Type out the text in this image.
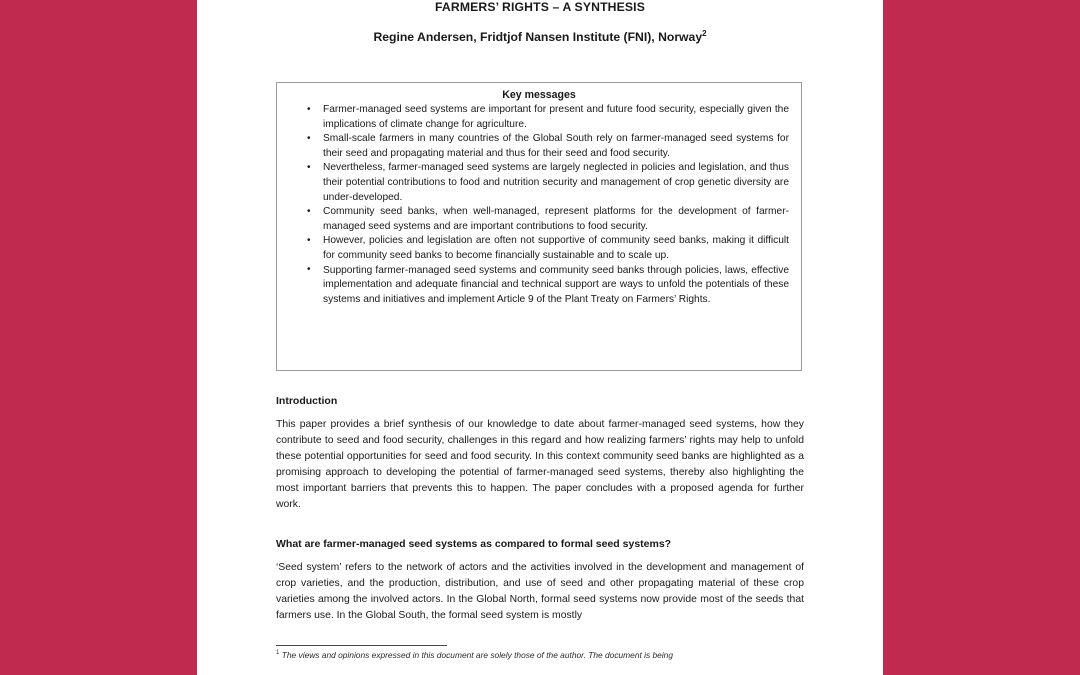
FARMERS’ RIGHTS – A SYNTHESIS
Regine Andersen, Fridtjof Nansen Institute (FNI), Norway$^2$
Key messages
• Farmer-managed seed systems are important for present and future food security, especially given the implications of climate change for agriculture.
• Small-scale farmers in many countries of the Global South rely on farmer-managed seed systems for their seed and propagating material and thus for their seed and food security.
• Nevertheless, farmer-managed seed systems are largely neglected in policies and legislation, and thus their potential contributions to food and nutrition security and management of crop genetic diversity are under-developed.
• Community seed banks, when well-managed, represent platforms for the development of farmer-managed seed systems and are important contributions to food security.
• However, policies and legislation are often not supportive of community seed banks, making it difficult for community seed banks to become financially sustainable and to scale up.
• Supporting farmer-managed seed systems and community seed banks through policies, laws, effective implementation and adequate financial and technical support are ways to unfold the potentials of these systems and initiatives and implement Article 9 of the Plant Treaty on Farmers’ Rights.
Introduction

This paper provides a brief synthesis of our knowledge to date about farmer-managed seed systems, how they contribute to seed and food security, challenges in this regard and how realizing farmers’ rights may help to unfold these potential opportunities for seed and food security. In this context community seed banks are highlighted as a promising approach to developing the potential of farmer-managed seed systems, thereby also highlighting the most important barriers that prevents this to happen. The paper concludes with a proposed agenda for further work.

What are farmer-managed seed systems as compared to formal seed systems?

‘Seed system’ refers to the network of actors and the activities involved in the development and management of crop varieties, and the production, distribution, and use of seed and other propagating material of these crop varieties among the involved actors. In the Global North, formal seed systems now provide most of the seeds that farmers use. In the Global South, the formal seed system is mostly

$^1$ The views and opinions expressed in this document are solely those of the author. The document is being
